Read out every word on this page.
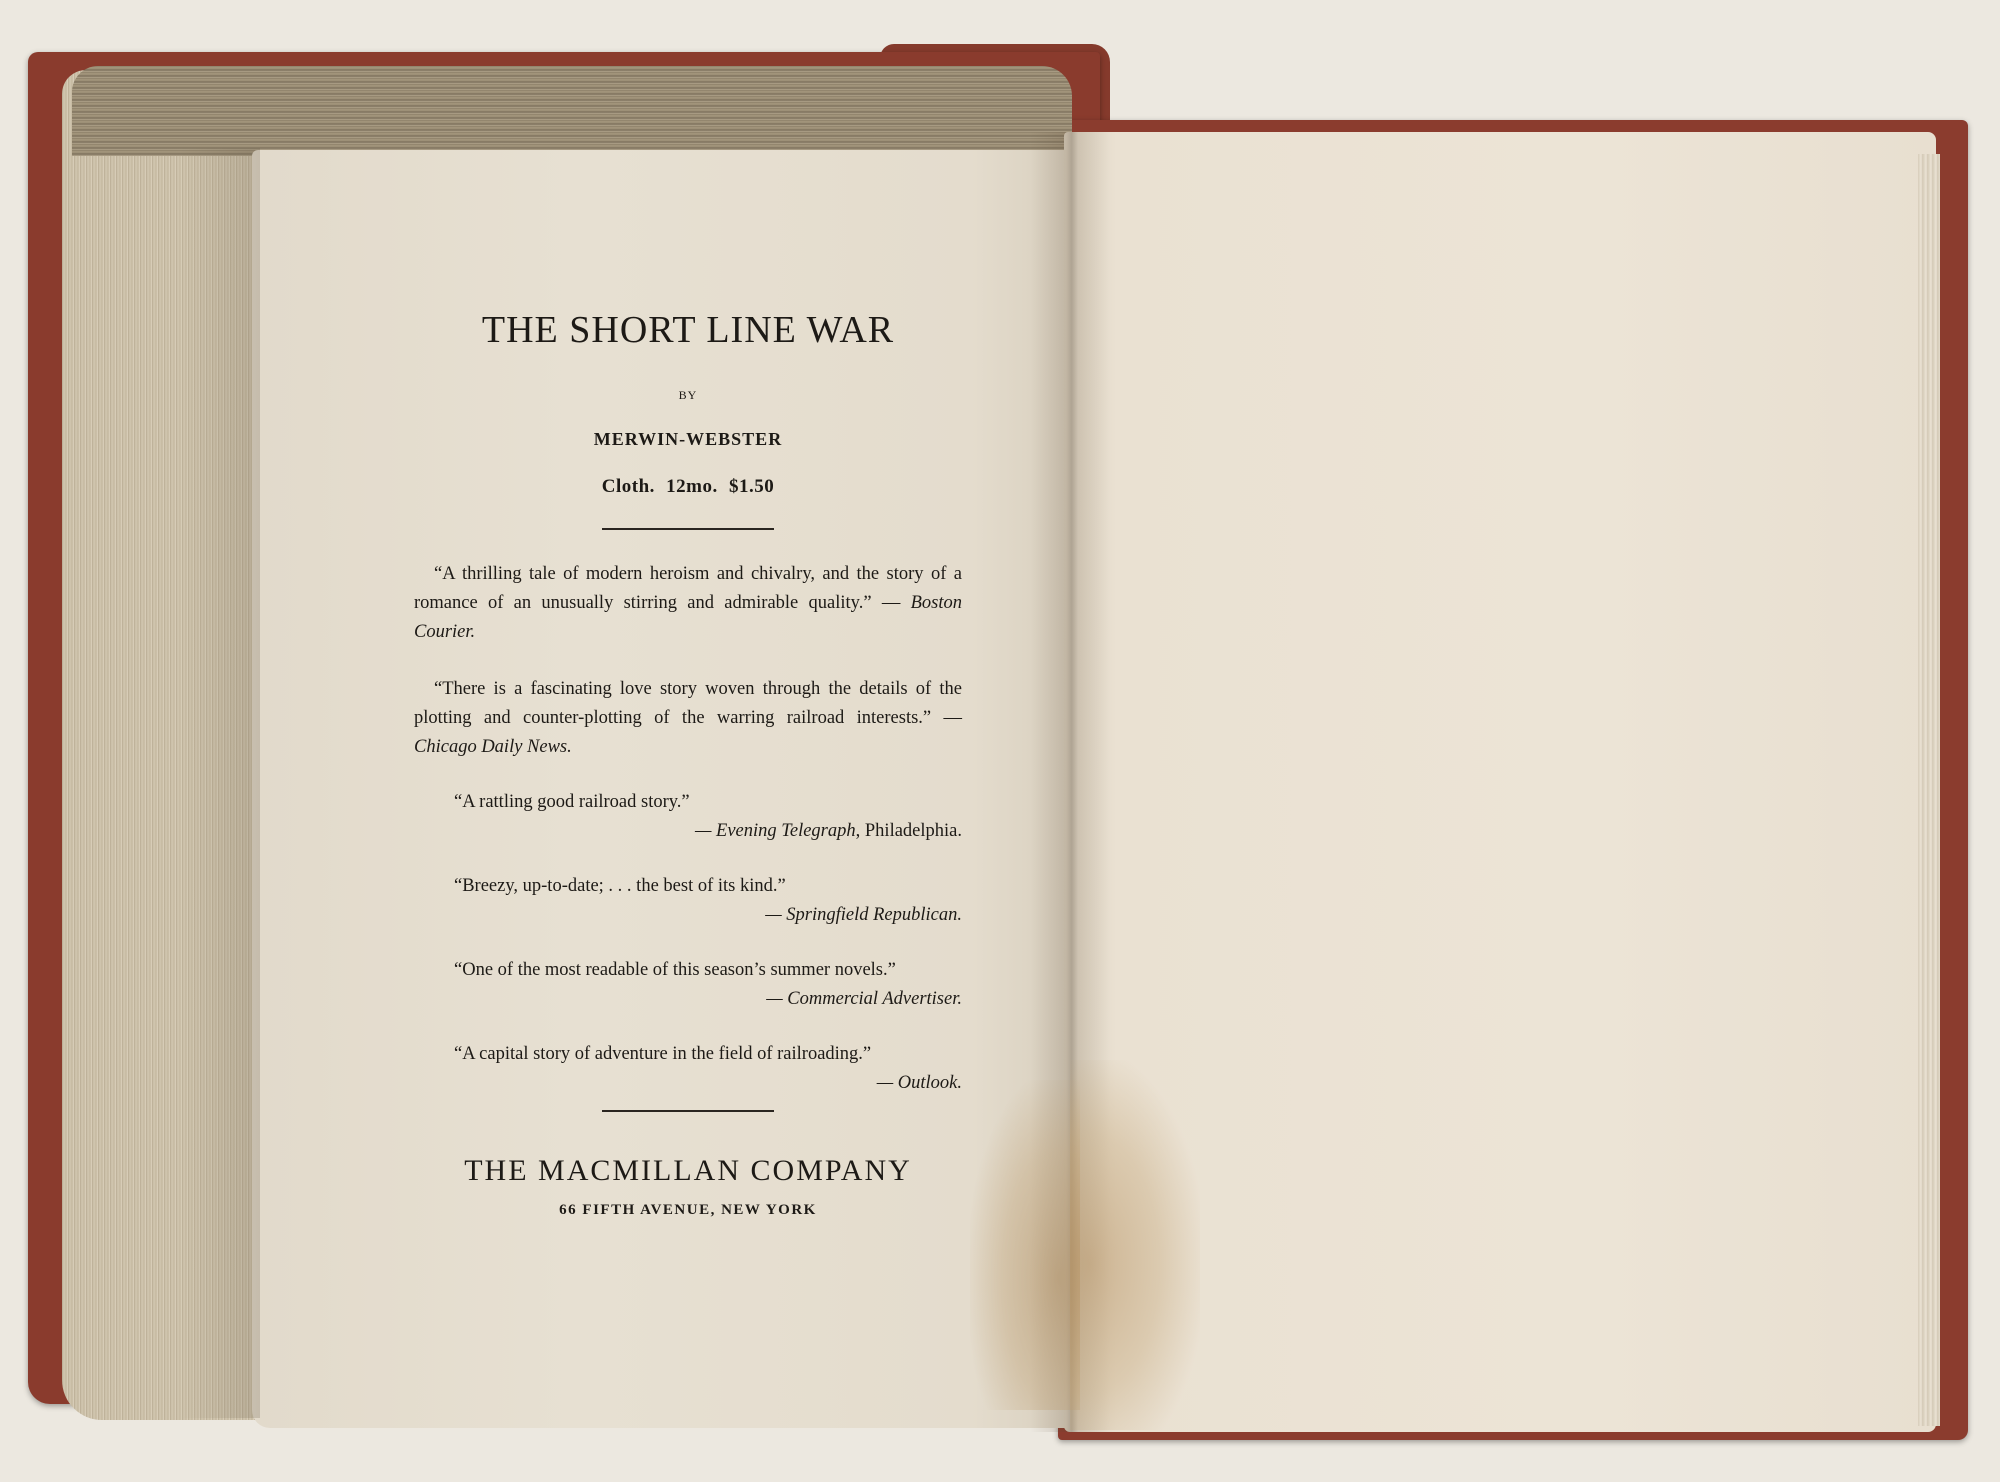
THE SHORT LINE WAR
BY
MERWIN-WEBSTER
Cloth. 12mo. $1.50
“A thrilling tale of modern heroism and chivalry, and the story of a romance of an unusually stirring and admirable quality.” — Boston Courier.
“There is a fascinating love story woven through the details of the plotting and counter-plotting of the warring railroad interests.” — Chicago Daily News.
“A rattling good railroad story.”
— Evening Telegraph, Philadelphia.
“Breezy, up-to-date; . . . the best of its kind.”
— Springfield Republican.
“One of the most readable of this season’s summer novels.”
— Commercial Advertiser.
“A capital story of adventure in the field of railroading.”
— Outlook.
THE MACMILLAN COMPANY
66 FIFTH AVENUE, NEW YORK
